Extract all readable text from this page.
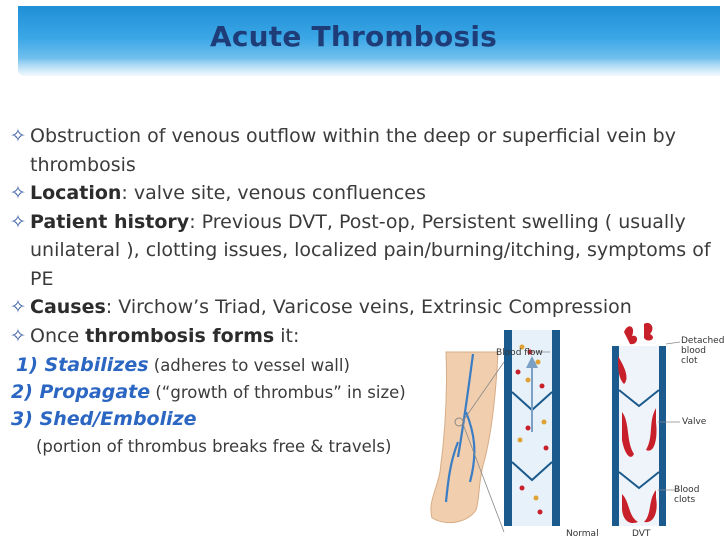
Acute Thrombosis
✧ Obstruction of venous outflow within the deep or superficial vein by thrombosis
✧ Location: valve site, venous confluences
✧ Patient history: Previous DVT, Post-op, Persistent swelling ( usually unilateral ), clotting issues, localized pain/burning/itching, symptoms of PE
✧ Causes: Virchow’s Triad, Varicose veins, Extrinsic Compression
✧ Once thrombosis forms it:
1) Stabilizes (adheres to vessel wall)
2) Propagate (“growth of thrombus” in size)
3) Shed/Embolize
(portion of thrombus breaks free & travels)
Blood flow
Detached
blood clot
Valve
Blood clots
Normal	DVT
